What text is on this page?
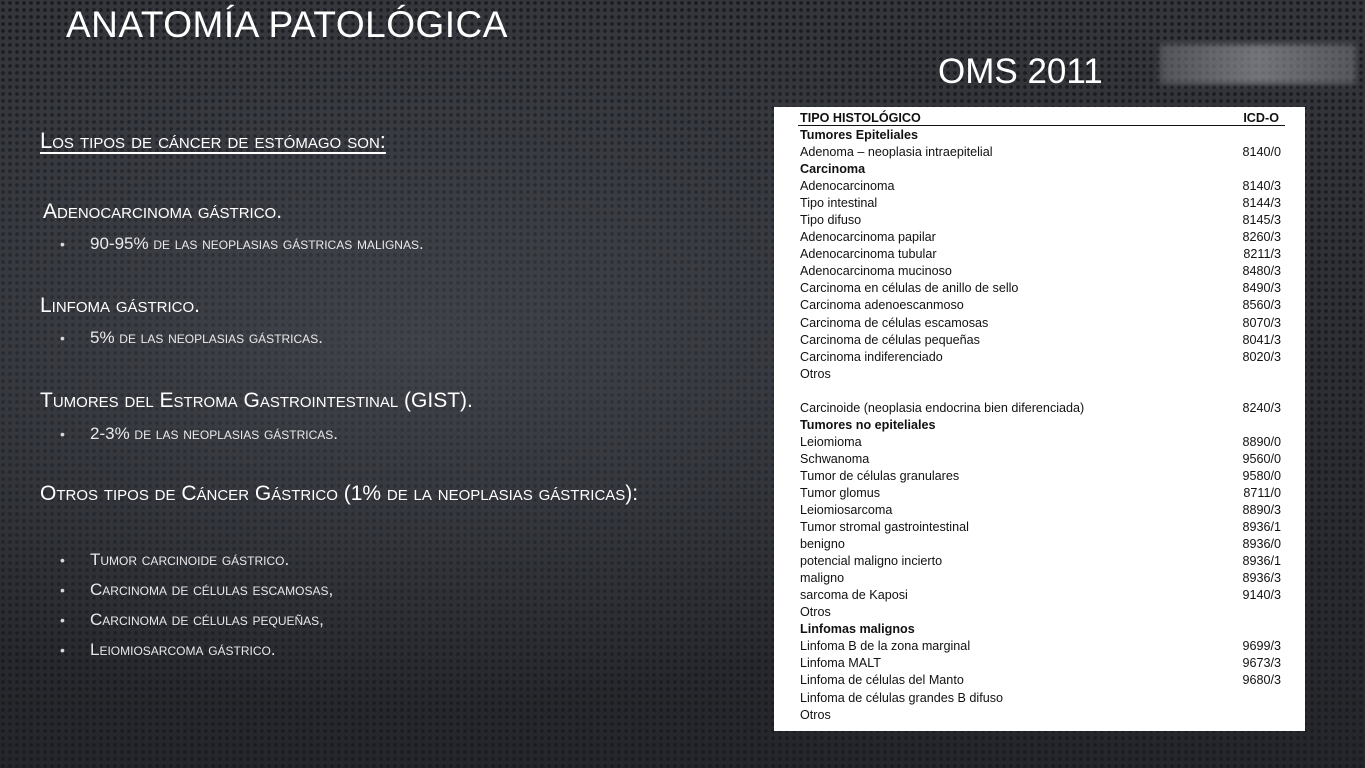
ANATOMÍA PATOLÓGICA
OMS 2011
Los tipos de cáncer de estómago son:
Adenocarcinoma gástrico.
•	90-95% de las neoplasias gástricas malignas.
Linfoma gástrico.
•	5% de las neoplasias gástricas.
Tumores del Estroma Gastrointestinal (GIST).
•	2-3% de las neoplasias gástricas.
Otros tipos de Cáncer Gástrico (1% de la neoplasias gástricas):
•	Tumor carcinoide gástrico.
•	Carcinoma de células escamosas,
•	Carcinoma de células pequeñas,
•	Leiomiosarcoma gástrico.
TIPO HISTOLÓGICO	ICD-O
Tumores Epiteliales
Adenoma – neoplasia intraepitelial	8140/0
Carcinoma
Adenocarcinoma	8140/3
Tipo intestinal	8144/3
Tipo difuso	8145/3
Adenocarcinoma papilar	8260/3
Adenocarcinoma tubular	8211/3
Adenocarcinoma mucinoso	8480/3
Carcinoma en células de anillo de sello	8490/3
Carcinoma adenoescanmoso	8560/3
Carcinoma de células escamosas	8070/3
Carcinoma de células pequeñas	8041/3
Carcinoma indiferenciado	8020/3
Otros
Carcinoide (neoplasia endocrina bien diferenciada)	8240/3
Tumores no epiteliales
Leiomioma	8890/0
Schwanoma	9560/0
Tumor de células granulares	9580/0
Tumor glomus	8711/0
Leiomiosarcoma	8890/3
Tumor stromal gastrointestinal	8936/1
benigno	8936/0
potencial maligno incierto	8936/1
maligno	8936/3
sarcoma de Kaposi	9140/3
Otros
Linfomas malignos
Linfoma B de la zona marginal	9699/3
Linfoma MALT	9673/3
Linfoma de células del Manto	9680/3
Linfoma de células grandes B difuso
Otros
